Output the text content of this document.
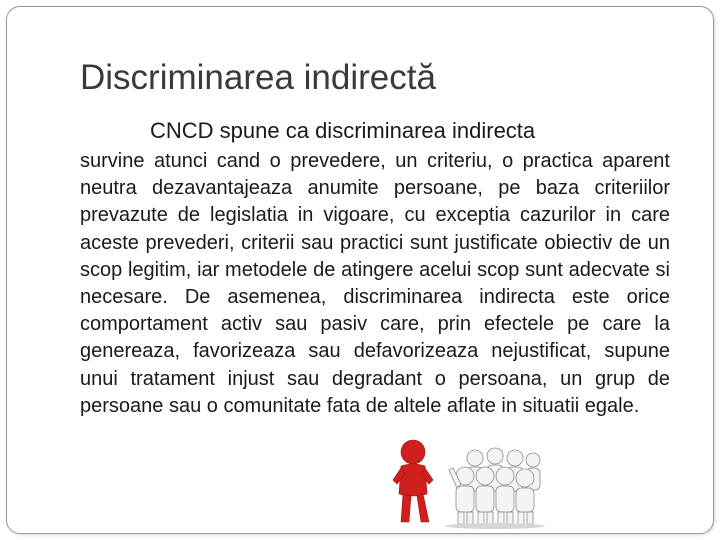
Discriminarea indirectă
CNCD spune ca discriminarea indirecta

survine atunci cand o prevedere, un criteriu, o practica aparent neutra dezavantajeaza anumite persoane, pe baza criteriilor prevazute de legislatia in vigoare, cu exceptia cazurilor in care aceste prevederi, criterii sau practici sunt justificate obiectiv de un scop legitim, iar metodele de atingere acelui scop sunt adecvate si necesare. De asemenea, discriminarea indirecta este orice comportament activ sau pasiv care, prin efectele pe care la genereaza, favorizeaza sau defavorizeaza nejustificat, supune unui tratament injust sau degradant o persoana, un grup de persoane sau o comunitate fata de altele aflate in situatii egale.
